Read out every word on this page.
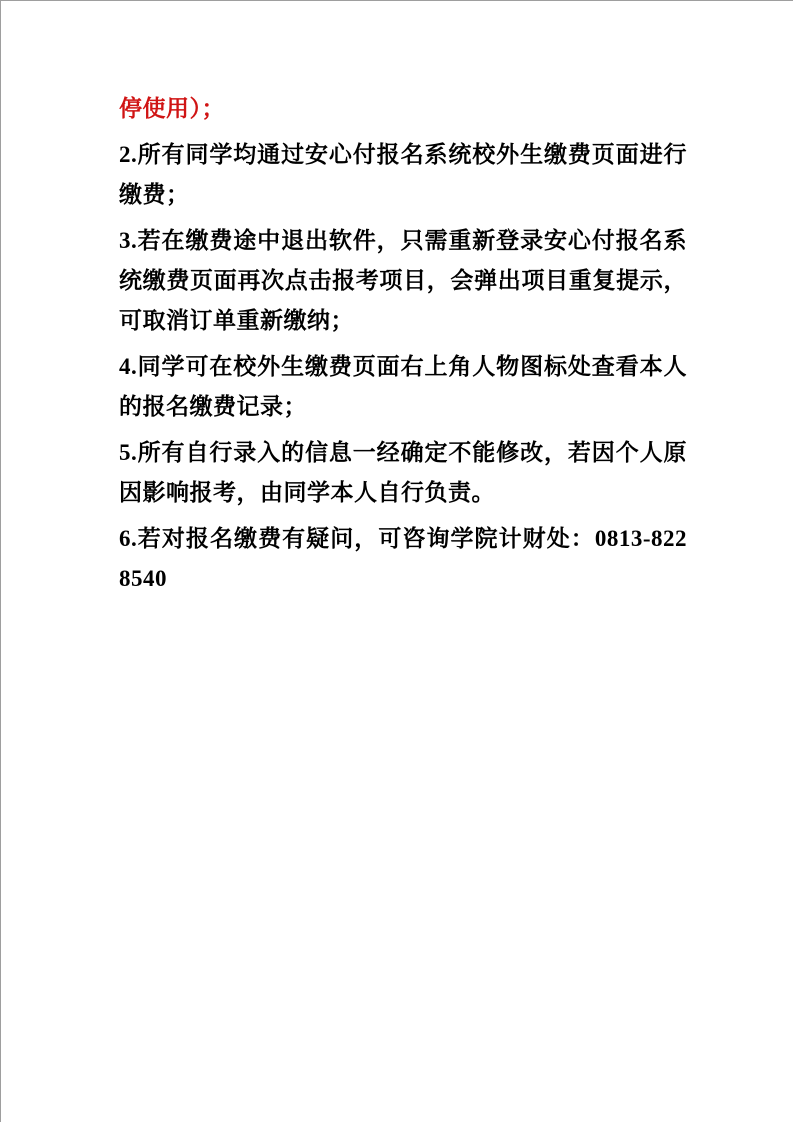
停使用）；

2.所有同学均通过安心付报名系统校外生缴费页面进行缴费；

3.若在缴费途中退出软件，只需重新登录安心付报名系统缴费页面再次点击报考项目，会弹出项目重复提示，可取消订单重新缴纳；

4.同学可在校外生缴费页面右上角人物图标处查看本人的报名缴费记录；

5.所有自行录入的信息一经确定不能修改，若因个人原因影响报考，由同学本人自行负责。

6.若对报名缴费有疑问，可咨询学院计财处：0813-8228540
